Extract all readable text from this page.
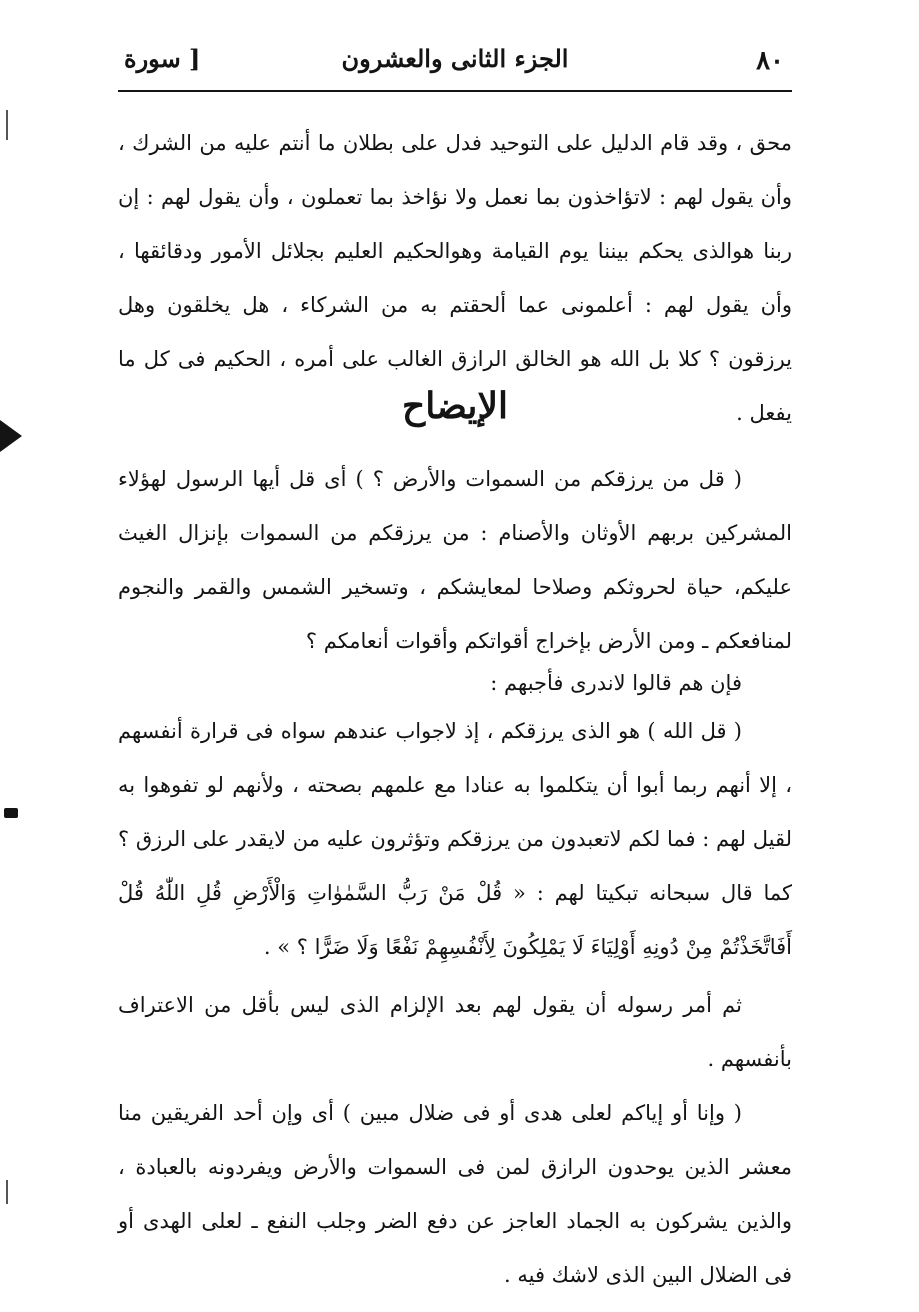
٨٠
الجزء الثانى والعشرون
[ سورة

محق ، وقد قام الدليل على التوحيد فدل على بطلان ما أنتم عليه من الشرك ، وأن يقول لهم : لاتؤاخذون بما نعمل ولا نؤاخذ بما تعملون ، وأن يقول لهم : إن ربنا هوالذى يحكم بيننا يوم القيامة وهوالحكيم العليم بجلائل الأمور ودقائقها ، وأن يقول لهم : أعلمونى عما ألحقتم به من الشركاء ، هل يخلقون وهل يرزقون ؟ كلا بل الله هو الخالق الرازق الغالب على أمره ، الحكيم فى كل ما يفعل .

الإيضاح

( قل من يرزقكم من السموات والأرض ؟ ) أى قل أيها الرسول لهؤلاء المشركين بربهم الأوثان والأصنام : من يرزقكم من السموات بإنزال الغيث عليكم، حياة لحروثكم وصلاحا لمعايشكم ، وتسخير الشمس والقمر والنجوم لمنافعكم ـ ومن الأرض بإخراج أقواتكم وأقوات أنعامكم ؟

فإن هم قالوا لاندرى فأجبهم :

( قل الله ) هو الذى يرزقكم ، إذ لاجواب عندهم سواه فى قرارة أنفسهم ، إلا أنهم ربما أبوا أن يتكلموا به عنادا مع علمهم بصحته ، ولأنهم لو تفوهوا به لقيل لهم : فما لكم لاتعبدون من يرزقكم وتؤثرون عليه من لايقدر على الرزق ؟ كما قال سبحانه تبكيتا لهم : « قُلْ مَنْ رَبُّ السَّمٰوٰاتِ وَالْأَرْضِ قُلِ اللّٰهُ قُلْ أَفَاتَّخَذْتُمْ مِنْ دُونِهِ أَوْلِيَاءَ لَا يَمْلِكُونَ لِأَنْفُسِهِمْ نَفْعًا وَلَا ضَرًّا ؟ » .

ثم أمر رسوله أن يقول لهم بعد الإلزام الذى ليس بأقل من الاعتراف بأنفسهم .

( وإنا أو إياكم لعلى هدى أو فى ضلال مبين ) أى وإن أحد الفريقين منا معشر الذين يوحدون الرازق لمن فى السموات والأرض ويفردونه بالعبادة ، والذين يشركون به الجماد العاجز عن دفع الضر وجلب النفع ـ لعلى الهدى أو فى الضلال البين الذى لاشك فيه .
